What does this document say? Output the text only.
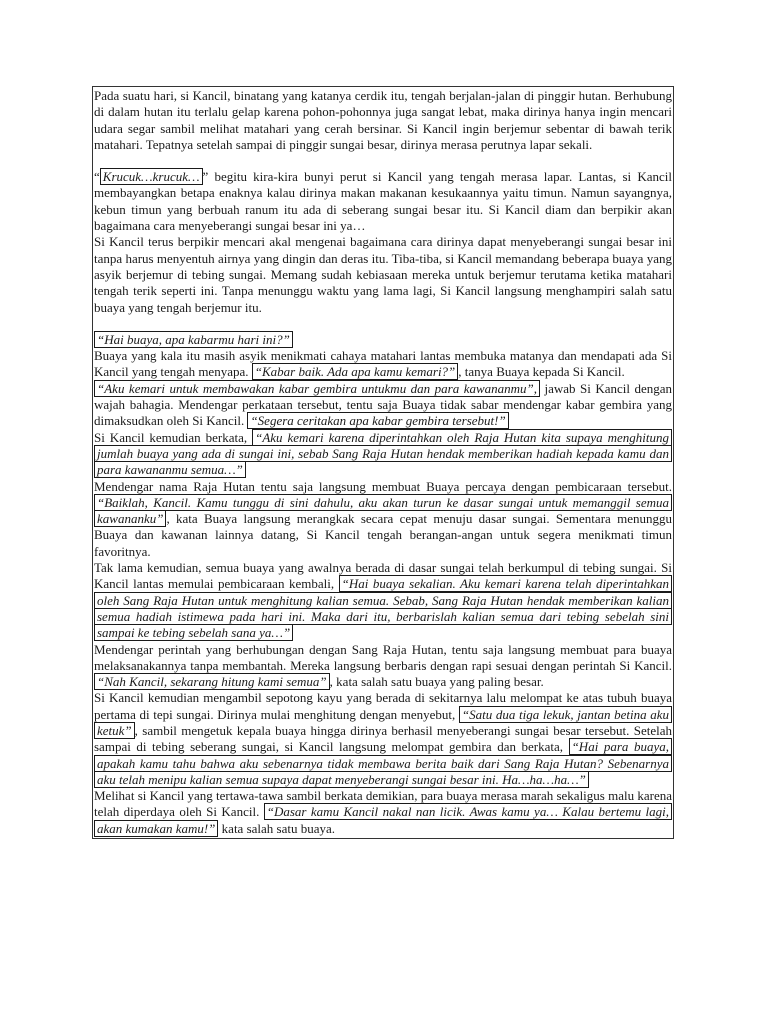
Pada suatu hari, si Kancil, binatang yang katanya cerdik itu, tengah berjalan-jalan di pinggir hutan. Berhubung di dalam hutan itu terlalu gelap karena pohon-pohonnya juga sangat lebat, maka dirinya hanya ingin mencari udara segar sambil melihat matahari yang cerah bersinar. Si Kancil ingin berjemur sebentar di bawah terik matahari. Tepatnya setelah sampai di pinggir sungai besar, dirinya merasa perutnya lapar sekali.

“ Krucuk…krucuk… ” begitu kira-kira bunyi perut si Kancil yang tengah merasa lapar. Lantas, si Kancil membayangkan betapa enaknya kalau dirinya makan makanan kesukaannya yaitu timun. Namun sayangnya, kebun timun yang berbuah ranum itu ada di seberang sungai besar itu. Si Kancil diam dan berpikir akan bagaimana cara menyeberangi sungai besar ini ya…

Si Kancil terus berpikir mencari akal mengenai bagaimana cara dirinya dapat menyeberangi sungai besar ini tanpa harus menyentuh airnya yang dingin dan deras itu. Tiba-tiba, si Kancil memandang beberapa buaya yang asyik berjemur di tebing sungai. Memang sudah kebiasaan mereka untuk berjemur terutama ketika matahari tengah terik seperti ini. Tanpa menunggu waktu yang lama lagi, Si Kancil langsung menghampiri salah satu buaya yang tengah berjemur itu.

“Hai buaya, apa kabarmu hari ini?”

Buaya yang kala itu masih asyik menikmati cahaya matahari lantas membuka matanya dan mendapati ada Si Kancil yang tengah menyapa. “Kabar baik. Ada apa kamu kemari?” , tanya Buaya kepada Si Kancil.

“Aku kemari untuk membawakan kabar gembira untukmu dan para kawananmu”, jawab Si Kancil dengan wajah bahagia. Mendengar perkataan tersebut, tentu saja Buaya tidak sabar mendengar kabar gembira yang dimaksudkan oleh Si Kancil. “Segera ceritakan apa kabar gembira tersebut!”

Si Kancil kemudian berkata, “Aku kemari karena diperintahkan oleh Raja Hutan kita supaya menghitung jumlah buaya yang ada di sungai ini, sebab Sang Raja Hutan hendak memberikan hadiah kepada kamu dan para kawananmu semua…”

Mendengar nama Raja Hutan tentu saja langsung membuat Buaya percaya dengan pembicaraan tersebut. “Baiklah, Kancil. Kamu tunggu di sini dahulu, aku akan turun ke dasar sungai untuk memanggil semua kawananku” , kata Buaya langsung merangkak secara cepat menuju dasar sungai. Sementara menunggu Buaya dan kawanan lainnya datang, Si Kancil tengah berangan-angan untuk segera menikmati timun favoritnya.

Tak lama kemudian, semua buaya yang awalnya berada di dasar sungai telah berkumpul di tebing sungai. Si Kancil lantas memulai pembicaraan kembali, “Hai buaya sekalian. Aku kemari karena telah diperintahkan oleh Sang Raja Hutan untuk menghitung kalian semua. Sebab, Sang Raja Hutan hendak memberikan kalian semua hadiah istimewa pada hari ini. Maka dari itu, berbarislah kalian semua dari tebing sebelah sini sampai ke tebing sebelah sana ya…”

Mendengar perintah yang berhubungan dengan Sang Raja Hutan, tentu saja langsung membuat para buaya melaksanakannya tanpa membantah. Mereka langsung berbaris dengan rapi sesuai dengan perintah Si Kancil. “Nah Kancil, sekarang hitung kami semua” , kata salah satu buaya yang paling besar.

Si Kancil kemudian mengambil sepotong kayu yang berada di sekitarnya lalu melompat ke atas tubuh buaya pertama di tepi sungai. Dirinya mulai menghitung dengan menyebut, “Satu dua tiga lekuk, jantan betina aku ketuk” , sambil mengetuk kepala buaya hingga dirinya berhasil menyeberangi sungai besar tersebut. Setelah sampai di tebing seberang sungai, si Kancil langsung melompat gembira dan berkata, “Hai para buaya, apakah kamu tahu bahwa aku sebenarnya tidak membawa berita baik dari Sang Raja Hutan? Sebenarnya aku telah menipu kalian semua supaya dapat menyeberangi sungai besar ini. Ha…ha…ha…”

Melihat si Kancil yang tertawa-tawa sambil berkata demikian, para buaya merasa marah sekaligus malu karena telah diperdaya oleh Si Kancil. “Dasar kamu Kancil nakal nan licik. Awas kamu ya… Kalau bertemu lagi, akan kumakan kamu!” kata salah satu buaya.
